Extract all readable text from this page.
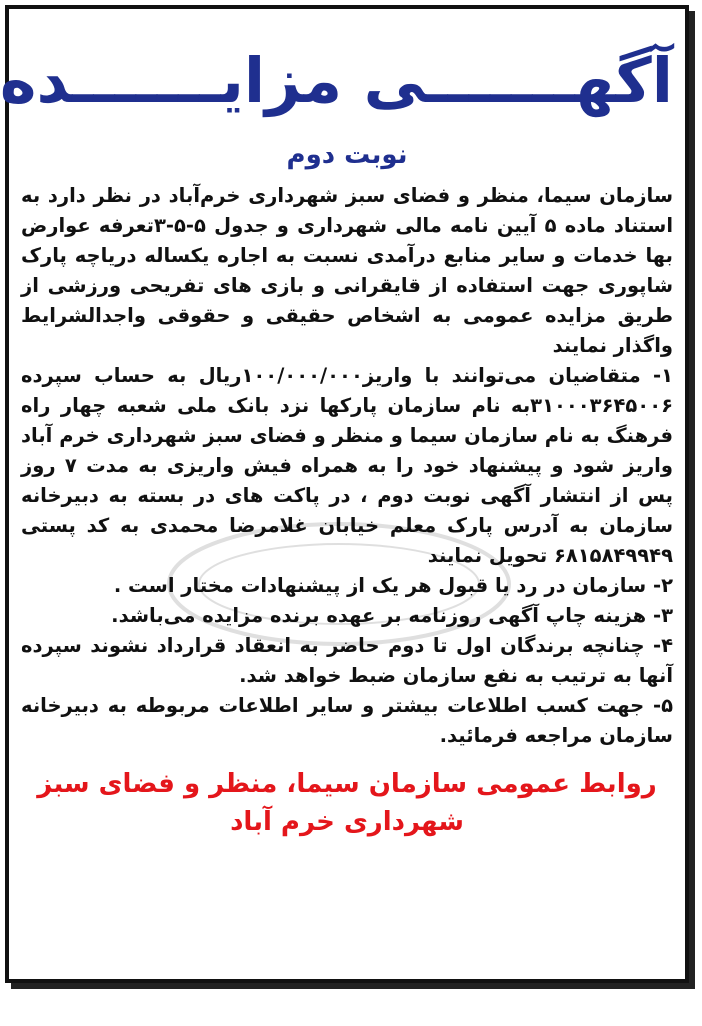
آگهـــــــی مزایـــــــده
نوبت دوم

سازمان سیما، منظر و فضای سبز شهرداری خرم‌آباد در نظر دارد به استناد ماده ۵ آیین نامه مالی شهرداری و جدول ۵-۵-۳تعرفه عوارض بها خدمات و سایر منابع درآمدی نسبت به اجاره یکساله دریاچه پارک شاپوری جهت استفاده از قایقرانی و بازی های تفریحی ورزشی از طریق مزایده عمومی به اشخاص حقیقی و حقوقی واجدالشرایط واگذار نمایند

۱- متقاضیان می‌توانند با واریز۱۰۰/۰۰۰/۰۰۰ریال به حساب سپرده ۳۱۰۰۰۳۶۴۵۰۰۶به نام سازمان پارکها نزد بانک ملی شعبه چهار راه فرهنگ به نام سازمان سیما و منظر و فضای سبز شهرداری خرم آباد واریز شود و پیشنهاد خود را به همراه فیش واریزی به مدت ۷ روز پس از انتشار آگهی نوبت دوم ، در پاکت های در بسته به دبیرخانه سازمان به آدرس پارک معلم خیابان غلامرضا محمدی به کد پستی ۶۸۱۵۸۴۹۹۴۹ تحویل نمایند

۲- سازمان در رد یا قبول هر یک از پیشنهادات مختار است .

۳- هزینه چاپ آگهی روزنامه بر عهده برنده مزایده می‌باشد.

۴- چنانچه برندگان اول تا دوم حاضر به انعقاد قرارداد نشوند سپرده آنها به ترتیب به نفع سازمان ضبط خواهد شد.

۵- جهت کسب اطلاعات بیشتر و سایر اطلاعات مربوطه به دبیرخانه سازمان مراجعه فرمائید.

روابط عمومی سازمان سیما، منظر و فضای سبز
شهرداری خرم آباد
